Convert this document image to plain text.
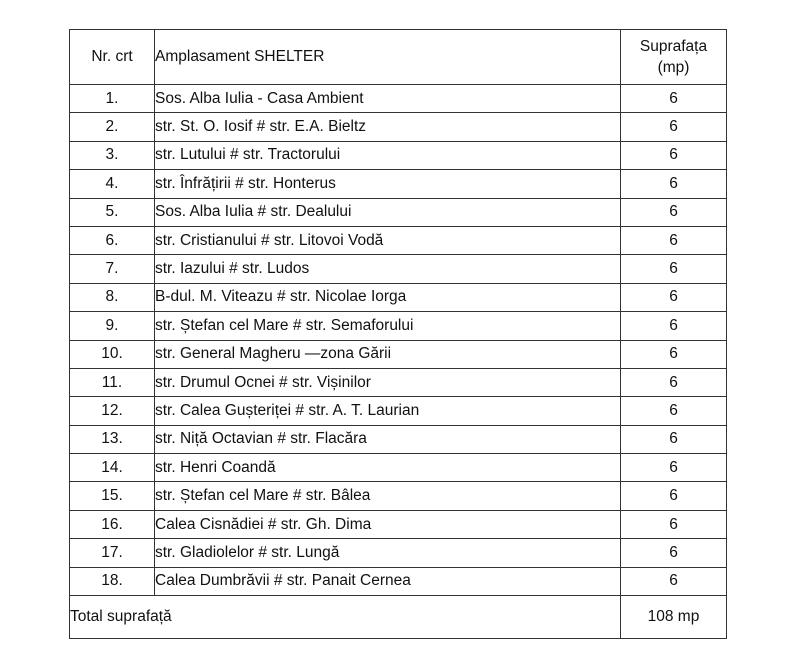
Nr. crt	Amplasament SHELTER	Suprafața
(mp)
1.	Sos. Alba Iulia - Casa Ambient	6
2.	str. St. O. Iosif # str. E.A. Bieltz	6
3.	str. Lutului # str. Tractorului	6
4.	str. Înfrățirii # str. Honterus	6
5.	Sos. Alba Iulia # str. Dealului	6
6.	str. Cristianului # str. Litovoi Vodă	6
7.	str. Iazului # str. Ludos	6
8.	B-dul. M. Viteazu # str. Nicolae Iorga	6
9.	str. Ștefan cel Mare # str. Semaforului	6
10.	str. General Magheru —zona Gării	6
11.	str. Drumul Ocnei # str. Vișinilor	6
12.	str. Calea Gușteriței # str. A. T. Laurian	6
13.	str. Niță Octavian # str. Flacăra	6
14.	str. Henri Coandă	6
15.	str. Ștefan cel Mare # str. Bâlea	6
16.	Calea Cisnădiei # str. Gh. Dima	6
17.	str. Gladiolelor # str. Lungă	6
18.	Calea Dumbrăvii # str. Panait Cernea	6
Total suprafață		108 mp
